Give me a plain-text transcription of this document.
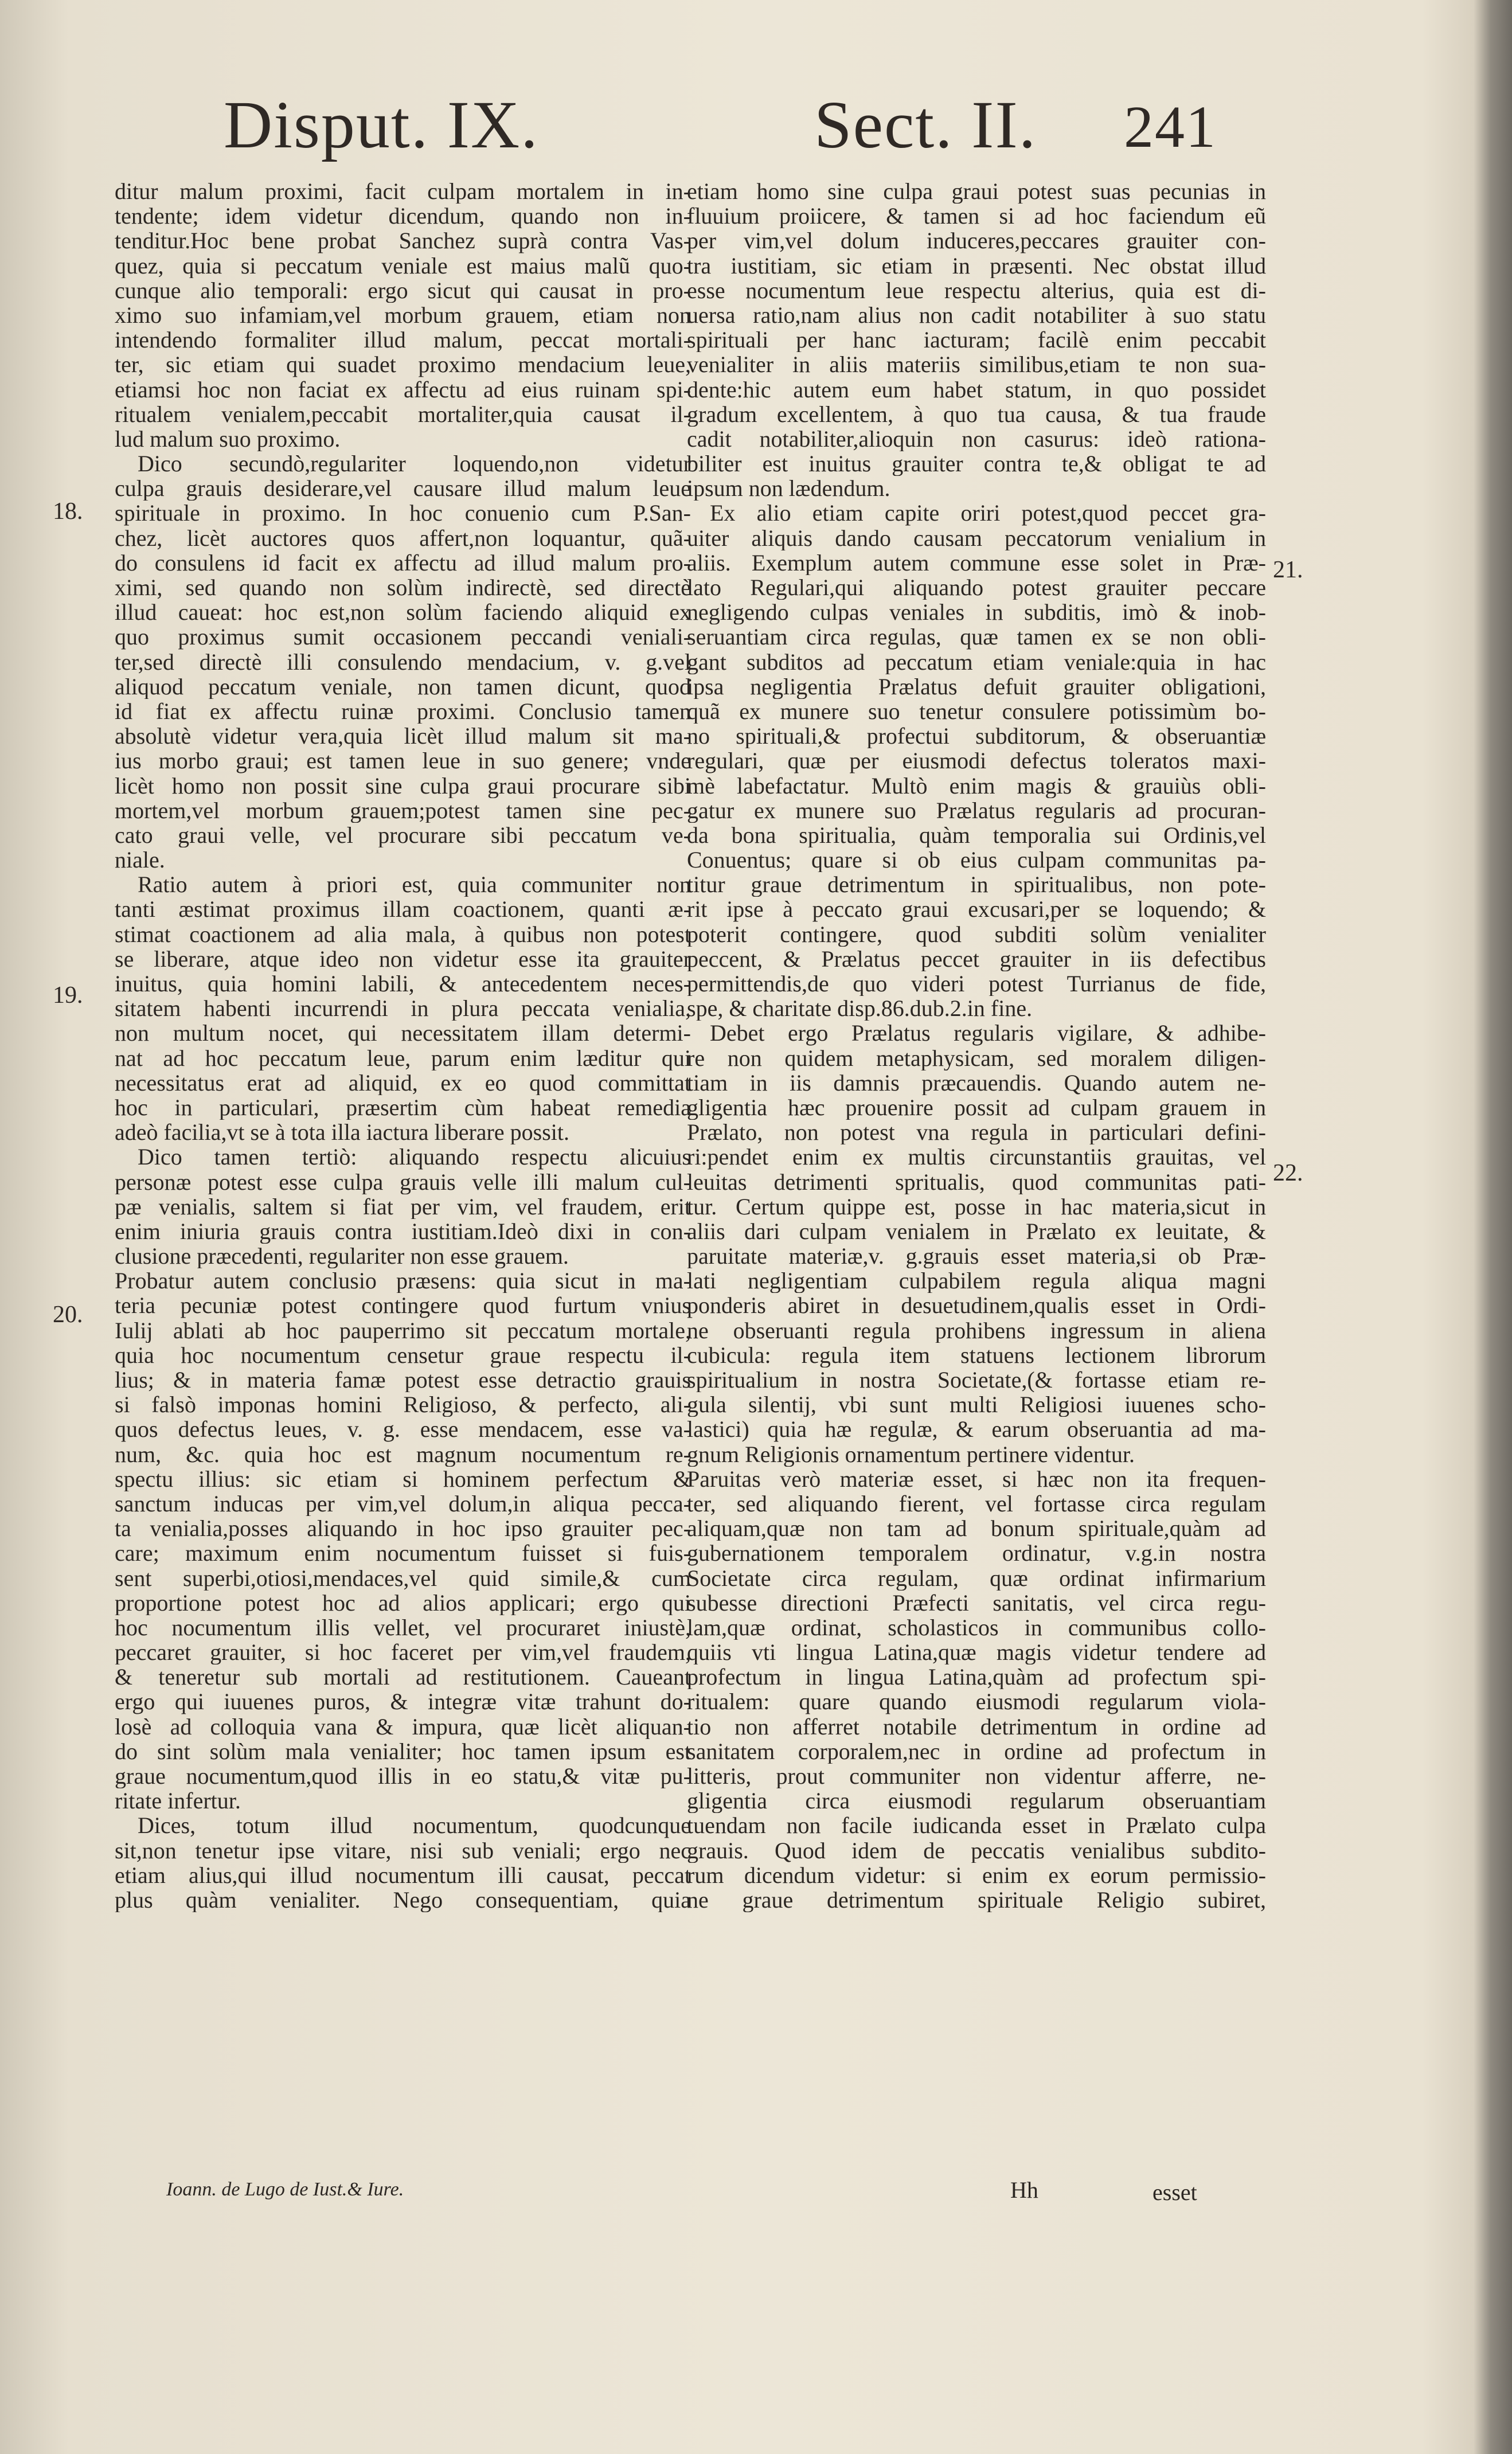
Disput. IX.	Sect. II. 241
ditur malum proximi, facit culpam mortalem in in-
tendente; idem videtur dicendum, quando non in-
tenditur.Hoc bene probat Sanchez suprà contra Vas-
quez, quia si peccatum veniale est maius malũ quo-
cunque alio temporali: ergo sicut qui causat in pro-
ximo suo infamiam,vel morbum grauem, etiam non
intendendo formaliter illud malum, peccat mortali-
ter, sic etiam qui suadet proximo mendacium leue,
etiamsi hoc non faciat ex affectu ad eius ruinam spi-
ritualem venialem,peccabit mortaliter,quia causat il-
lud malum suo proximo.
Dico secundò,regulariter loquendo,non videtur
culpa grauis desiderare,vel causare illud malum leue
spirituale in proximo. In hoc conuenio cum P.San-
chez, licèt auctores quos affert,non loquantur, quã-
do consulens id facit ex affectu ad illud malum pro-
ximi, sed quando non solùm indirectè, sed directè
illud caueat: hoc est,non solùm faciendo aliquid ex
quo proximus sumit occasionem peccandi veniali-
ter,sed directè illi consulendo mendacium, v. g.vel
aliquod peccatum veniale, non tamen dicunt, quod
id fiat ex affectu ruinæ proximi. Conclusio tamen
absolutè videtur vera,quia licèt illud malum sit ma-
ius morbo graui; est tamen leue in suo genere; vnde
licèt homo non possit sine culpa graui procurare sibi
mortem,vel morbum grauem;potest tamen sine pec-
cato graui velle, vel procurare sibi peccatum ve-
niale.
Ratio autem à priori est, quia communiter non
tanti æstimat proximus illam coactionem, quanti æ-
stimat coactionem ad alia mala, à quibus non potest
se liberare, atque ideo non videtur esse ita grauiter
inuitus, quia homini labili, & antecedentem neces-
sitatem habenti incurrendi in plura peccata venialia,
non multum nocet, qui necessitatem illam determi-
nat ad hoc peccatum leue, parum enim læditur qui
necessitatus erat ad aliquid, ex eo quod committat
hoc in particulari, præsertim cùm habeat remedia
adeò facilia,vt se à tota illa iactura liberare possit.
Dico tamen tertiò: aliquando respectu alicuius
personæ potest esse culpa grauis velle illi malum cul-
pæ venialis, saltem si fiat per vim, vel fraudem, erit
enim iniuria grauis contra iustitiam.Ideò dixi in con-
clusione præcedenti, regulariter non esse grauem.
Probatur autem conclusio præsens: quia sicut in ma-
teria pecuniæ potest contingere quod furtum vnius
Iulij ablati ab hoc pauperrimo sit peccatum mortale,
quia hoc nocumentum censetur graue respectu il-
lius; & in materia famæ potest esse detractio grauis
si falsò imponas homini Religioso, & perfecto, ali-
quos defectus leues, v. g. esse mendacem, esse va-
num, &c. quia hoc est magnum nocumentum re-
spectu illius: sic etiam si hominem perfectum &
sanctum inducas per vim,vel dolum,in aliqua pecca-
ta venialia,posses aliquando in hoc ipso grauiter pec-
care; maximum enim nocumentum fuisset si fuis-
sent superbi,otiosi,mendaces,vel quid simile,& cum
proportione potest hoc ad alios applicari; ergo qui
hoc nocumentum illis vellet, vel procuraret iniustè,
peccaret grauiter, si hoc faceret per vim,vel fraudem,
& teneretur sub mortali ad restitutionem. Caueant
ergo qui iuuenes puros, & integræ vitæ trahunt do-
losè ad colloquia vana & impura, quæ licèt aliquan-
do sint solùm mala venialiter; hoc tamen ipsum est
graue nocumentum,quod illis in eo statu,& vitæ pu-
ritate infertur.
Dices, totum illud nocumentum, quodcunque
sit,non tenetur ipse vitare, nisi sub veniali; ergo nec
etiam alius,qui illud nocumentum illi causat, peccat
plus quàm venialiter. Nego consequentiam, quia
etiam homo sine culpa graui potest suas pecunias in
fluuium proiicere, & tamen si ad hoc faciendum eũ
per vim,vel dolum induceres,peccares grauiter con-
tra iustitiam, sic etiam in præsenti. Nec obstat illud
esse nocumentum leue respectu alterius, quia est di-
uersa ratio,nam alius non cadit notabiliter à suo statu
spirituali per hanc iacturam; facilè enim peccabit
venialiter in aliis materiis similibus,etiam te non sua-
dente:hic autem eum habet statum, in quo possidet
gradum excellentem, à quo tua causa, & tua fraude
cadit notabiliter,alioquin non casurus: ideò rationa-
biliter est inuitus grauiter contra te,& obligat te ad
ipsum non lædendum.
Ex alio etiam capite oriri potest,quod peccet gra-
uiter aliquis dando causam peccatorum venialium in
aliis. Exemplum autem commune esse solet in Præ-
lato Regulari,qui aliquando potest grauiter peccare
negligendo culpas veniales in subditis, imò & inob-
seruantiam circa regulas, quæ tamen ex se non obli-
gant subditos ad peccatum etiam veniale:quia in hac
ipsa negligentia Prælatus defuit grauiter obligationi,
quã ex munere suo tenetur consulere potissimùm bo-
no spirituali,& profectui subditorum, & obseruantiæ
regulari, quæ per eiusmodi defectus toleratos maxi-
mè labefactatur. Multò enim magis & grauiùs obli-
gatur ex munere suo Prælatus regularis ad procuran-
da bona spiritualia, quàm temporalia sui Ordinis,vel
Conuentus; quare si ob eius culpam communitas pa-
titur graue detrimentum in spiritualibus, non pote-
rit ipse à peccato graui excusari,per se loquendo; &
poterit contingere, quod subditi solùm venialiter
peccent, & Prælatus peccet grauiter in iis defectibus
permittendis,de quo videri potest Turrianus de fide,
spe, & charitate disp.86.dub.2.in fine.
Debet ergo Prælatus regularis vigilare, & adhibe-
re non quidem metaphysicam, sed moralem diligen-
tiam in iis damnis præcauendis. Quando autem ne-
gligentia hæc prouenire possit ad culpam grauem in
Prælato, non potest vna regula in particulari defini-
ri:pendet enim ex multis circunstantiis grauitas, vel
leuitas detrimenti spritualis, quod communitas pati-
tur. Certum quippe est, posse in hac materia,sicut in
aliis dari culpam venialem in Prælato ex leuitate, &
paruitate materiæ,v. g.grauis esset materia,si ob Præ-
lati negligentiam culpabilem regula aliqua magni
ponderis abiret in desuetudinem,qualis esset in Ordi-
ne obseruanti regula prohibens ingressum in aliena
cubicula: regula item statuens lectionem librorum
spiritualium in nostra Societate,(& fortasse etiam re-
gula silentij, vbi sunt multi Religiosi iuuenes scho-
lastici) quia hæ regulæ, & earum obseruantia ad ma-
gnum Religionis ornamentum pertinere videntur.
Paruitas verò materiæ esset, si hæc non ita frequen-
ter, sed aliquando fierent, vel fortasse circa regulam
aliquam,quæ non tam ad bonum spirituale,quàm ad
gubernationem temporalem ordinatur, v.g.in nostra
Societate circa regulam, quæ ordinat infirmarium
subesse directioni Præfecti sanitatis, vel circa regu-
lam,quæ ordinat, scholasticos in communibus collo-
quiis vti lingua Latina,quæ magis videtur tendere ad
profectum in lingua Latina,quàm ad profectum spi-
ritualem: quare quando eiusmodi regularum viola-
tio non afferret notabile detrimentum in ordine ad
sanitatem corporalem,nec in ordine ad profectum in
litteris, prout communiter non videntur afferre, ne-
gligentia circa eiusmodi regularum obseruantiam
tuendam non facile iudicanda esset in Prælato culpa
grauis. Quod idem de peccatis venialibus subdito-
rum dicendum videtur: si enim ex eorum permissio-
ne graue detrimentum spirituale Religio subiret,
18.
19.
20.
21.
22.
Ioann. de Lugo de Iust.& Iure.	Hh	esset
